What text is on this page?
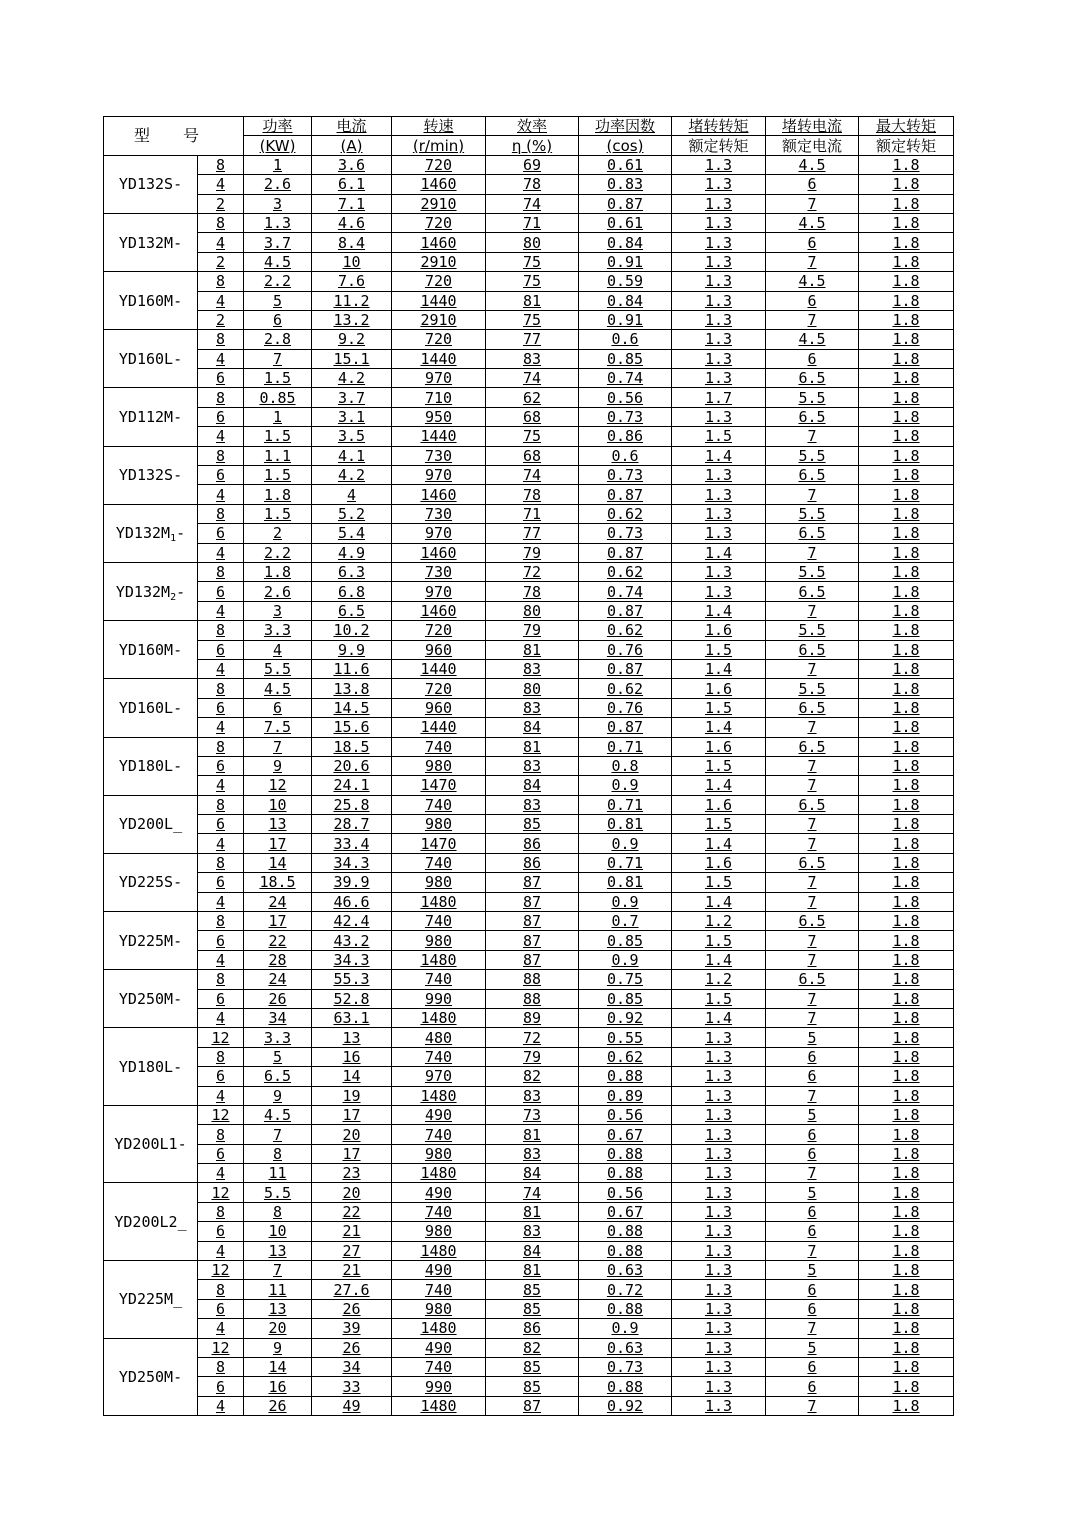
型 号		功率	电流	转速	效率	功率因数	堵转转矩	堵转电流	最大转矩
		(KW)	(A)	(r/min)	η (%)	(cos)	额定转矩	额定电流	额定转矩
YD132S-	8	1	3.6	720	69	0.61	1.3	4.5	1.8
	4	2.6	6.1	1460	78	0.83	1.3	6	1.8
	2	3	7.1	2910	74	0.87	1.3	7	1.8
YD132M-	8	1.3	4.6	720	71	0.61	1.3	4.5	1.8
	4	3.7	8.4	1460	80	0.84	1.3	6	1.8
	2	4.5	10	2910	75	0.91	1.3	7	1.8
YD160M-	8	2.2	7.6	720	75	0.59	1.3	4.5	1.8
	4	5	11.2	1440	81	0.84	1.3	6	1.8
	2	6	13.2	2910	75	0.91	1.3	7	1.8
YD160L-	8	2.8	9.2	720	77	0.6	1.3	4.5	1.8
	4	7	15.1	1440	83	0.85	1.3	6	1.8
	6	1.5	4.2	970	74	0.74	1.3	6.5	1.8
YD112M-	8	0.85	3.7	710	62	0.56	1.7	5.5	1.8
	6	1	3.1	950	68	0.73	1.3	6.5	1.8
	4	1.5	3.5	1440	75	0.86	1.5	7	1.8
YD132S-	8	1.1	4.1	730	68	0.6	1.4	5.5	1.8
	6	1.5	4.2	970	74	0.73	1.3	6.5	1.8
	4	1.8	4	1460	78	0.87	1.3	7	1.8
$YD132M_1-$	8	1.5	5.2	730	71	0.62	1.3	5.5	1.8
	6	2	5.4	970	77	0.73	1.3	6.5	1.8
	4	2.2	4.9	1460	79	0.87	1.4	7	1.8
$YD132M_2-$	8	1.8	6.3	730	72	0.62	1.3	5.5	1.8
	6	2.6	6.8	970	78	0.74	1.3	6.5	1.8
	4	3	6.5	1460	80	0.87	1.4	7	1.8
YD160M-	8	3.3	10.2	720	79	0.62	1.6	5.5	1.8
	6	4	9.9	960	81	0.76	1.5	6.5	1.8
	4	5.5	11.6	1440	83	0.87	1.4	7	1.8
YD160L-	8	4.5	13.8	720	80	0.62	1.6	5.5	1.8
	6	6	14.5	960	83	0.76	1.5	6.5	1.8
	4	7.5	15.6	1440	84	0.87	1.4	7	1.8
YD180L-	8	7	18.5	740	81	0.71	1.6	6.5	1.8
	6	9	20.6	980	83	0.8	1.5	7	1.8
	4	12	24.1	1470	84	0.9	1.4	7	1.8
YD200L_	8	10	25.8	740	83	0.71	1.6	6.5	1.8
	6	13	28.7	980	85	0.81	1.5	7	1.8
	4	17	33.4	1470	86	0.9	1.4	7	1.8
YD225S-	8	14	34.3	740	86	0.71	1.6	6.5	1.8
	6	18.5	39.9	980	87	0.81	1.5	7	1.8
	4	24	46.6	1480	87	0.9	1.4	7	1.8
YD225M-	8	17	42.4	740	87	0.7	1.2	6.5	1.8
	6	22	43.2	980	87	0.85	1.5	7	1.8
	4	28	34.3	1480	87	0.9	1.4	7	1.8
YD250M-	8	24	55.3	740	88	0.75	1.2	6.5	1.8
	6	26	52.8	990	88	0.85	1.5	7	1.8
	4	34	63.1	1480	89	0.92	1.4	7	1.8
YD180L-	12	3.3	13	480	72	0.55	1.3	5	1.8
	8	5	16	740	79	0.62	1.3	6	1.8
	6	6.5	14	970	82	0.88	1.3	6	1.8
	4	9	19	1480	83	0.89	1.3	7	1.8
YD200L1-	12	4.5	17	490	73	0.56	1.3	5	1.8
	8	7	20	740	81	0.67	1.3	6	1.8
	6	8	17	980	83	0.88	1.3	6	1.8
	4	11	23	1480	84	0.88	1.3	7	1.8
YD200L2_	12	5.5	20	490	74	0.56	1.3	5	1.8
	8	8	22	740	81	0.67	1.3	6	1.8
	6	10	21	980	83	0.88	1.3	6	1.8
	4	13	27	1480	84	0.88	1.3	7	1.8
YD225M_	12	7	21	490	81	0.63	1.3	5	1.8
	8	11	27.6	740	85	0.72	1.3	6	1.8
	6	13	26	980	85	0.88	1.3	6	1.8
	4	20	39	1480	86	0.9	1.3	7	1.8
YD250M-	12	9	26	490	82	0.63	1.3	5	1.8
	8	14	34	740	85	0.73	1.3	6	1.8
	6	16	33	990	85	0.88	1.3	6	1.8
	4	26	49	1480	87	0.92	1.3	7	1.8
